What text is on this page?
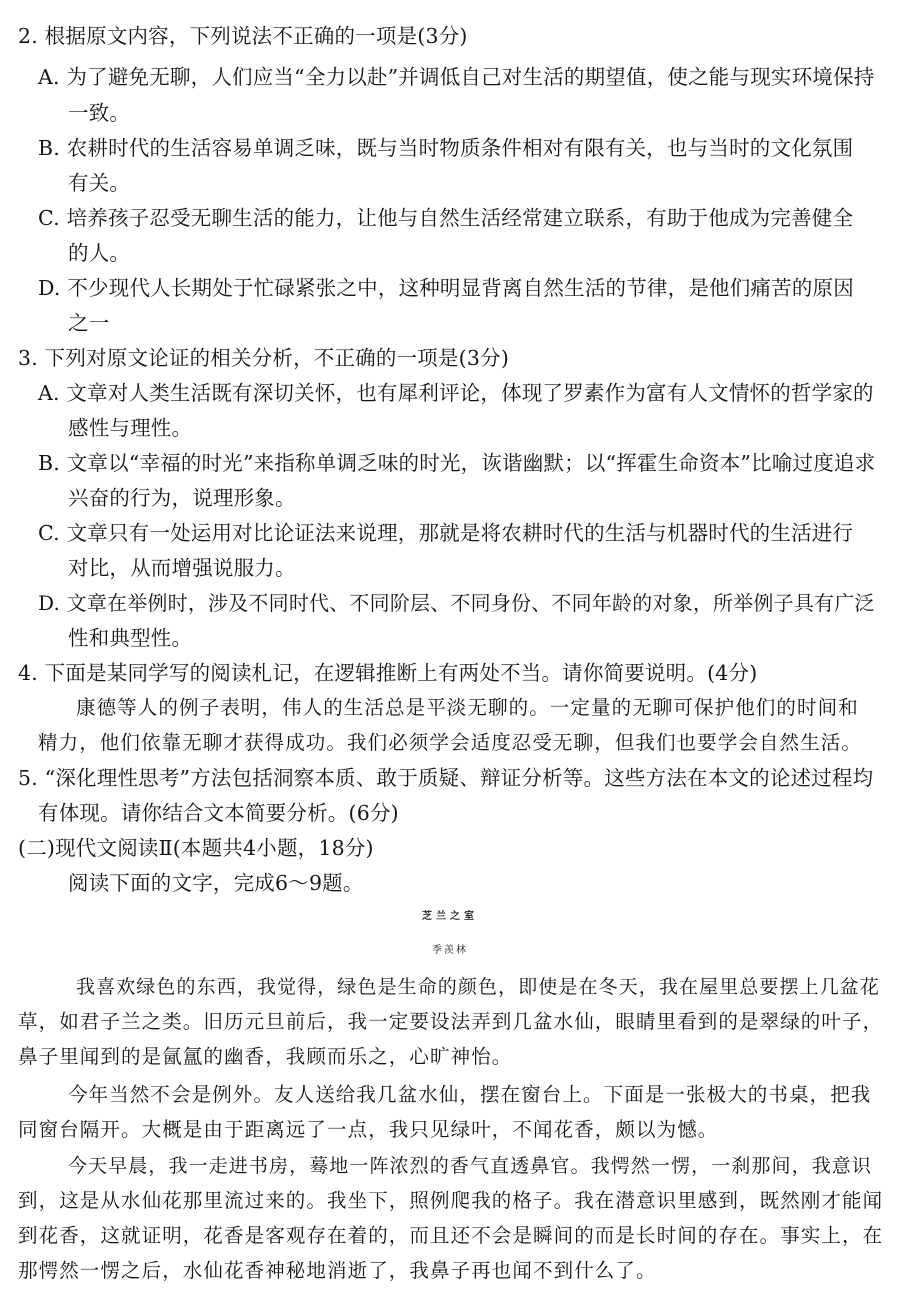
2. 根据原文内容，下列说法不正确的一项是(3分)
A. 为了避免无聊，人们应当“全力以赴”并调低自己对生活的期望值，使之能与现实环境保持
一致。
B. 农耕时代的生活容易单调乏味，既与当时物质条件相对有限有关，也与当时的文化氛围
有关。
C. 培养孩子忍受无聊生活的能力，让他与自然生活经常建立联系，有助于他成为完善健全
的人。
D. 不少现代人长期处于忙碌紧张之中，这种明显背离自然生活的节律，是他们痛苦的原因
之一
3. 下列对原文论证的相关分析，不正确的一项是(3分)
A. 文章对人类生活既有深切关怀，也有犀利评论，体现了罗素作为富有人文情怀的哲学家的
感性与理性。
B. 文章以“幸福的时光”来指称单调乏味的时光，诙谐幽默；以“挥霍生命资本”比喻过度追求
兴奋的行为，说理形象。
C. 文章只有一处运用对比论证法来说理，那就是将农耕时代的生活与机器时代的生活进行
对比，从而增强说服力。
D. 文章在举例时，涉及不同时代、不同阶层、不同身份、不同年龄的对象，所举例子具有广泛
性和典型性。
4. 下面是某同学写的阅读札记，在逻辑推断上有两处不当。请你简要说明。(4分)
康德等人的例子表明，伟人的生活总是平淡无聊的。一定量的无聊可保护他们的时间和
精力，他们依靠无聊才获得成功。我们必须学会适度忍受无聊，但我们也要学会自然生活。
5. “深化理性思考”方法包括洞察本质、敢于质疑、辩证分析等。这些方法在本文的论述过程均
有体现。请你结合文本简要分析。(6分)
(二)现代文阅读Ⅱ(本题共4小题，18分)
阅读下面的文字，完成6～9题。
芝兰之室
季羡林
我喜欢绿色的东西，我觉得，绿色是生命的颜色，即使是在冬天，我在屋里总要摆上几盆花
草，如君子兰之类。旧历元旦前后，我一定要设法弄到几盆水仙，眼睛里看到的是翠绿的叶子，
鼻子里闻到的是氤氲的幽香，我顾而乐之，心旷神怡。
今年当然不会是例外。友人送给我几盆水仙，摆在窗台上。下面是一张极大的书桌，把我
同窗台隔开。大概是由于距离远了一点，我只见绿叶，不闻花香，颇以为憾。
今天早晨，我一走进书房，蓦地一阵浓烈的香气直透鼻官。我愕然一愣，一刹那间，我意识
到，这是从水仙花那里流过来的。我坐下，照例爬我的格子。我在潜意识里感到，既然刚才能闻
到花香，这就证明，花香是客观存在着的，而且还不会是瞬间的而是长时间的存在。事实上，在
那愕然一愣之后，水仙花香神秘地消逝了，我鼻子再也闻不到什么了。
